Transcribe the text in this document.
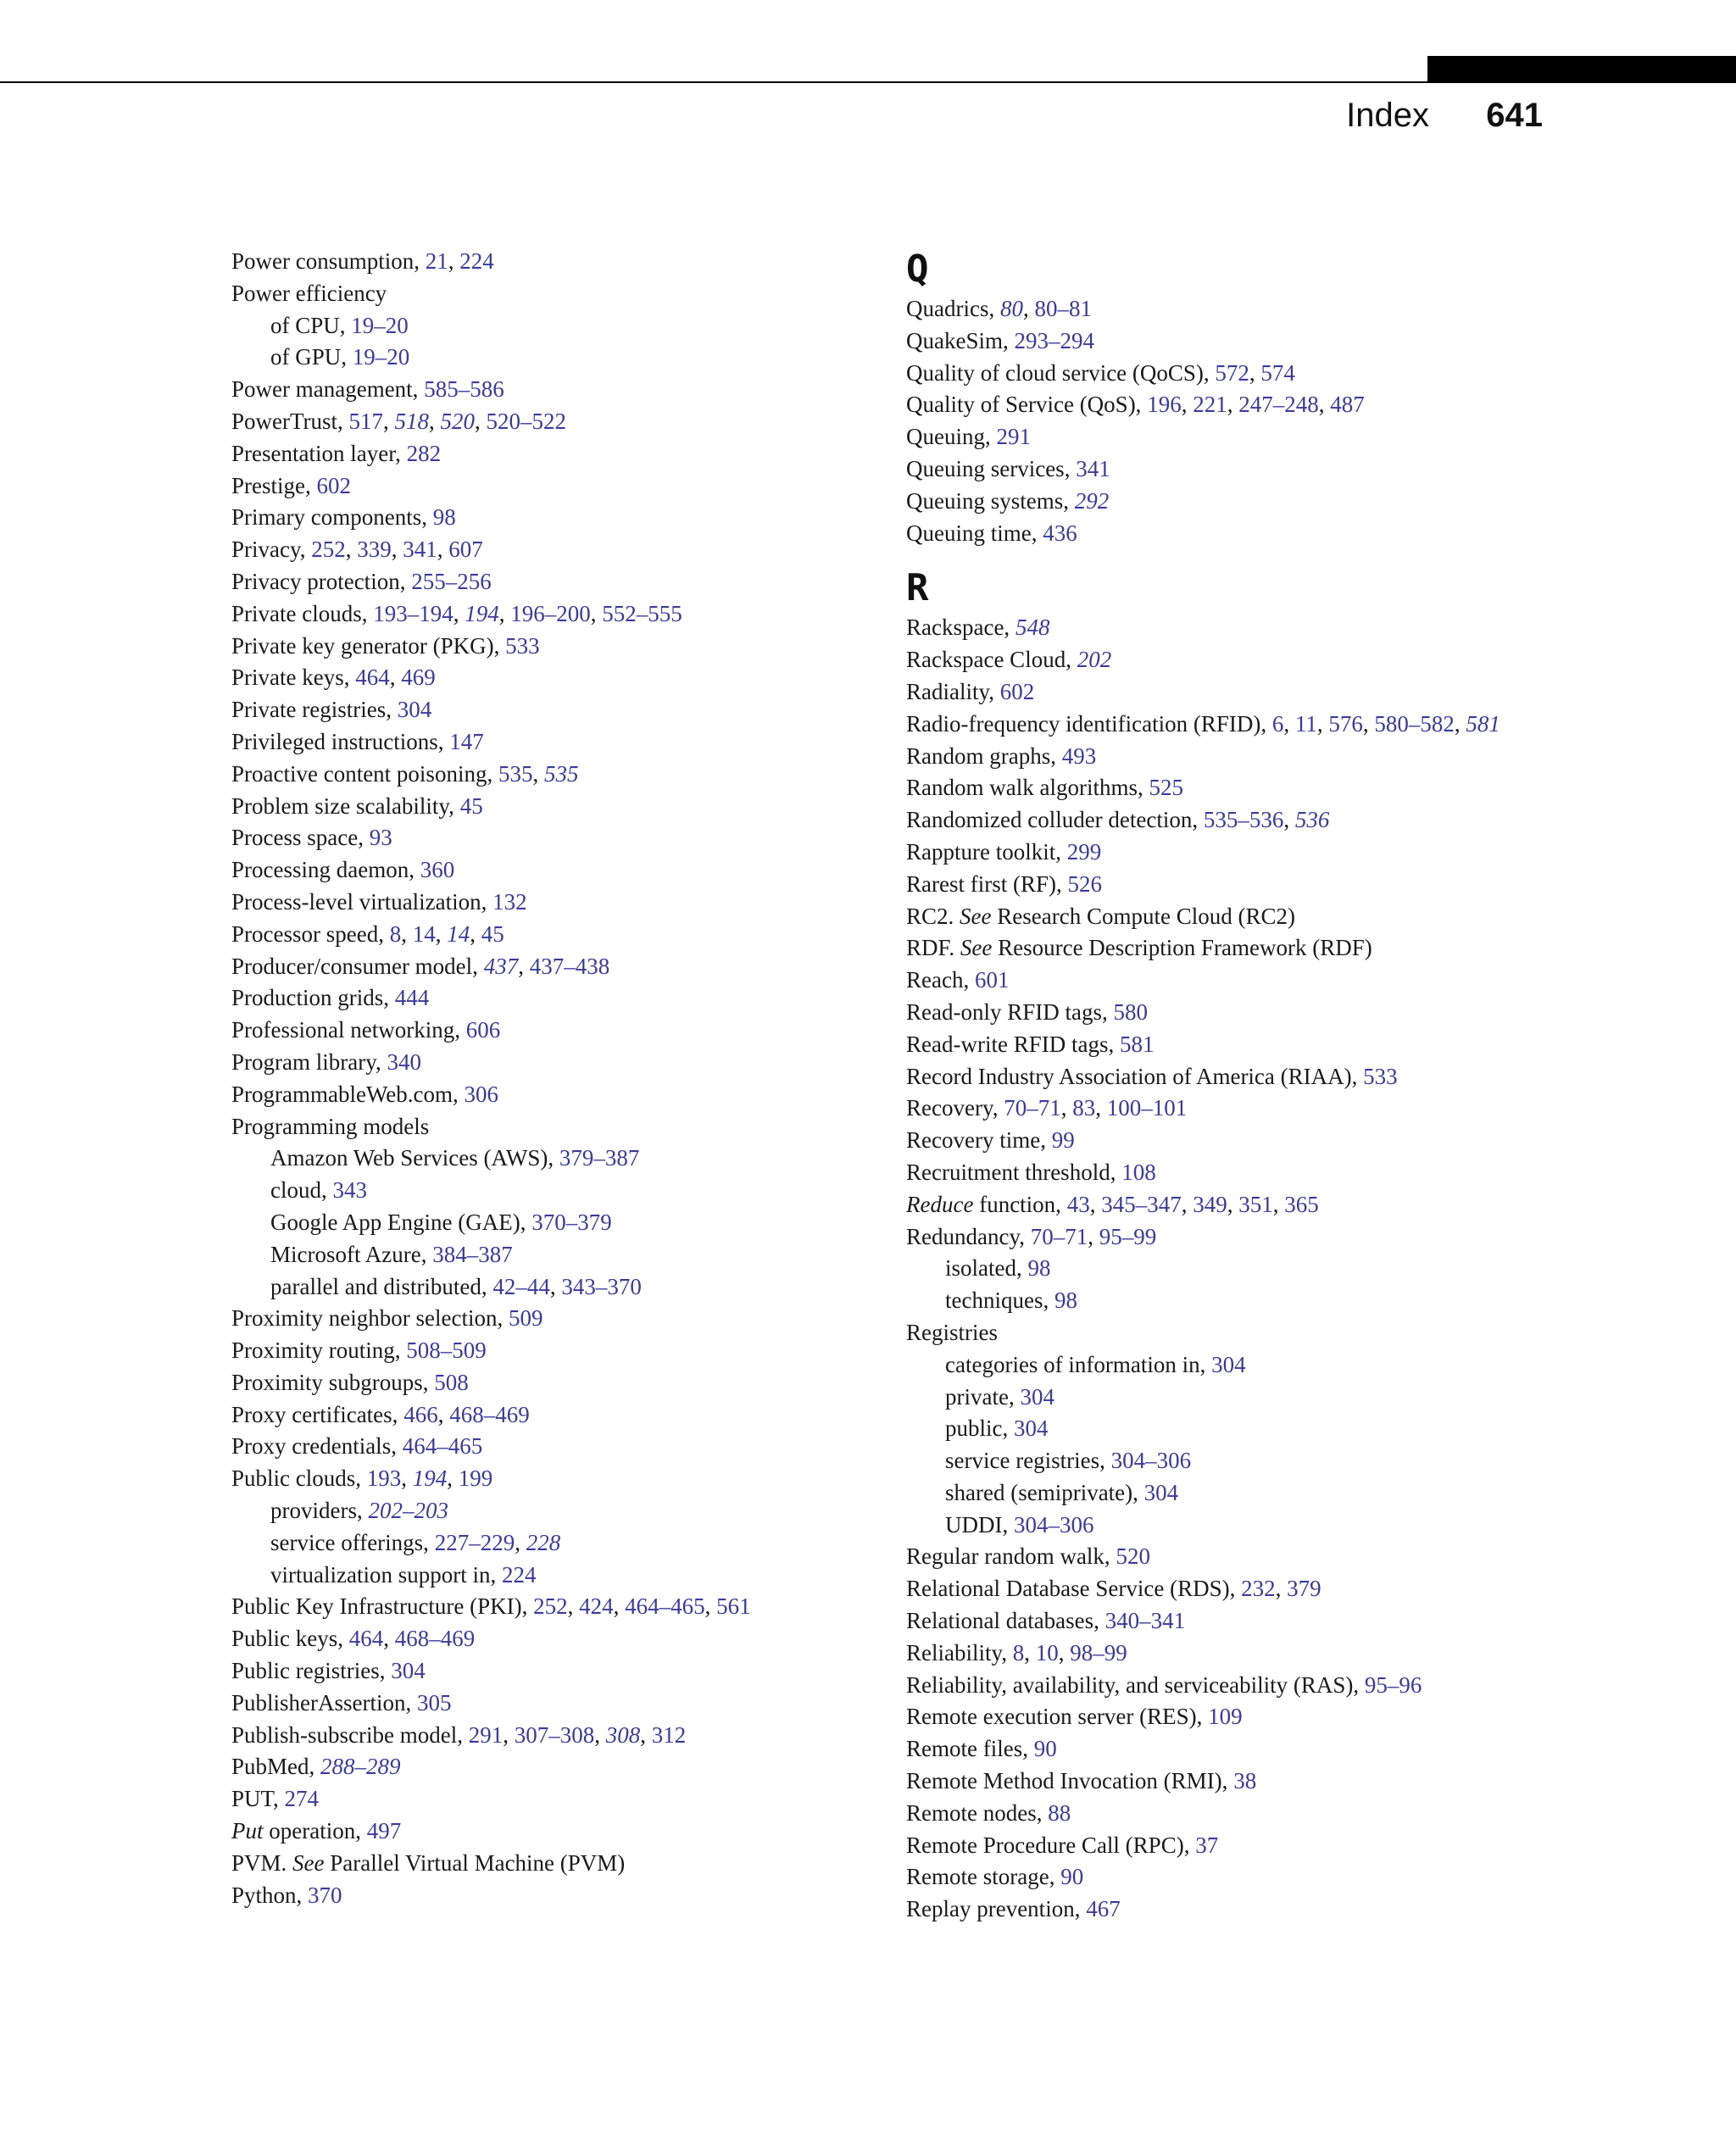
Index 641
Power consumption, 21, 224
Power efficiency
of CPU, 19–20
of GPU, 19–20
Power management, 585–586
PowerTrust, 517, 518, 520, 520–522
Presentation layer, 282
Prestige, 602
Primary components, 98
Privacy, 252, 339, 341, 607
Privacy protection, 255–256
Private clouds, 193–194, 194, 196–200, 552–555
Private key generator (PKG), 533
Private keys, 464, 469
Private registries, 304
Privileged instructions, 147
Proactive content poisoning, 535, 535
Problem size scalability, 45
Process space, 93
Processing daemon, 360
Process-level virtualization, 132
Processor speed, 8, 14, 14, 45
Producer/consumer model, 437, 437–438
Production grids, 444
Professional networking, 606
Program library, 340
ProgrammableWeb.com, 306
Programming models
Amazon Web Services (AWS), 379–387
cloud, 343
Google App Engine (GAE), 370–379
Microsoft Azure, 384–387
parallel and distributed, 42–44, 343–370
Proximity neighbor selection, 509
Proximity routing, 508–509
Proximity subgroups, 508
Proxy certificates, 466, 468–469
Proxy credentials, 464–465
Public clouds, 193, 194, 199
providers, 202–203
service offerings, 227–229, 228
virtualization support in, 224
Public Key Infrastructure (PKI), 252, 424, 464–465, 561
Public keys, 464, 468–469
Public registries, 304
PublisherAssertion, 305
Publish-subscribe model, 291, 307–308, 308, 312
PubMed, 288–289
PUT, 274
Put operation, 497
PVM. See Parallel Virtual Machine (PVM)
Python, 370
Q
Quadrics, 80, 80–81
QuakeSim, 293–294
Quality of cloud service (QoCS), 572, 574
Quality of Service (QoS), 196, 221, 247–248, 487
Queuing, 291
Queuing services, 341
Queuing systems, 292
Queuing time, 436
R
Rackspace, 548
Rackspace Cloud, 202
Radiality, 602
Radio-frequency identification (RFID), 6, 11, 576, 580–582, 581
Random graphs, 493
Random walk algorithms, 525
Randomized colluder detection, 535–536, 536
Rappture toolkit, 299
Rarest first (RF), 526
RC2. See Research Compute Cloud (RC2)
RDF. See Resource Description Framework (RDF)
Reach, 601
Read-only RFID tags, 580
Read-write RFID tags, 581
Record Industry Association of America (RIAA), 533
Recovery, 70–71, 83, 100–101
Recovery time, 99
Recruitment threshold, 108
Reduce function, 43, 345–347, 349, 351, 365
Redundancy, 70–71, 95–99
isolated, 98
techniques, 98
Registries
categories of information in, 304
private, 304
public, 304
service registries, 304–306
shared (semiprivate), 304
UDDI, 304–306
Regular random walk, 520
Relational Database Service (RDS), 232, 379
Relational databases, 340–341
Reliability, 8, 10, 98–99
Reliability, availability, and serviceability (RAS), 95–96
Remote execution server (RES), 109
Remote files, 90
Remote Method Invocation (RMI), 38
Remote nodes, 88
Remote Procedure Call (RPC), 37
Remote storage, 90
Replay prevention, 467
